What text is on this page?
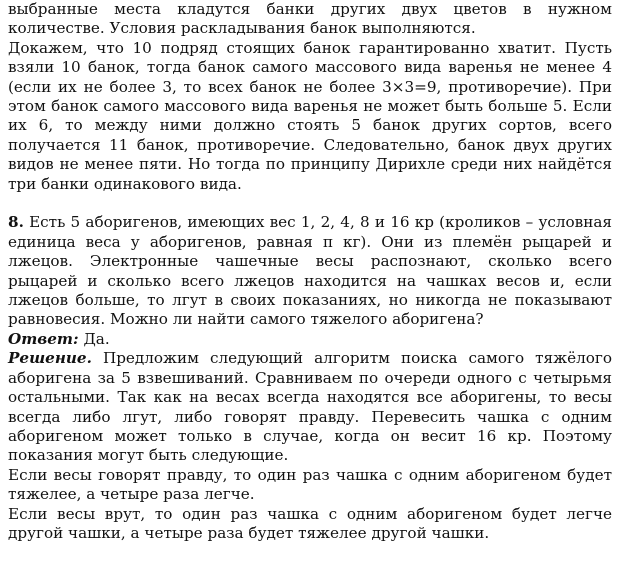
выбранные места кладутся банки других двух цветов в нужном количестве. Условия раскладывания банок выполняются.

Докажем, что 10 подряд стоящих банок гарантированно хватит. Пусть взяли 10 банок, тогда банок самого массового вида варенья не менее 4 (если их не более 3, то всех банок не более 3×3=9, противоречие). При этом банок самого массового вида варенья не может быть больше 5. Если их 6, то между ними должно стоять 5 банок других сортов, всего получается 11 банок, противоречие. Следовательно, банок двух других видов не менее пяти. Но тогда по принципу Дирихле среди них найдётся три банки одинакового вида.

8. Есть 5 аборигенов, имеющих вес 1, 2, 4, 8 и 16 кр (кроликов – условная единица веса у аборигенов, равная π кг). Они из племён рыцарей и лжецов. Электронные чашечные весы распознают, сколько всего рыцарей и сколько всего лжецов находится на чашках весов и, если лжецов больше, то лгут в своих показаниях, но никогда не показывают равновесия. Можно ли найти самого тяжелого аборигена?

Ответ: Да.

Решение. Предложим следующий алгоритм поиска самого тяжёлого аборигена за 5 взвешиваний. Сравниваем по очереди одного с четырьмя остальными. Так как на весах всегда находятся все аборигены, то весы всегда либо лгут, либо говорят правду. Перевесить чашка с одним аборигеном может только в случае, когда он весит 16 кр. Поэтому показания могут быть следующие.

Если весы говорят правду, то один раз чашка с одним аборигеном будет тяжелее, а четыре раза легче.

Если весы врут, то один раз чашка с одним аборигеном будет легче другой чашки, а четыре раза будет тяжелее другой чашки.
